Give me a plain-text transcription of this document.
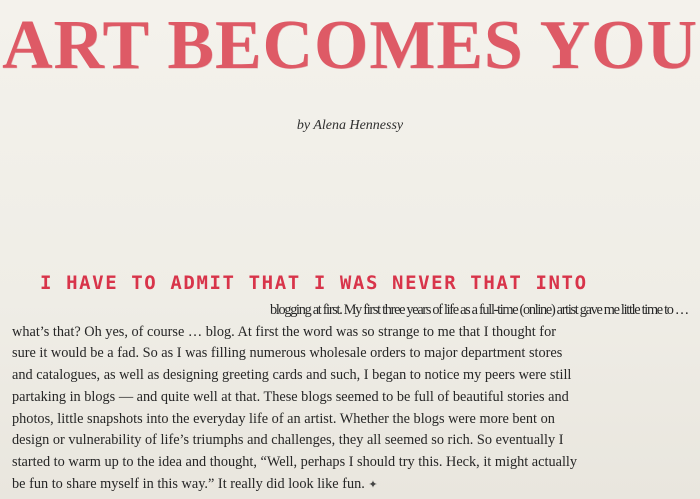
ART BECOMES YOU
by Alena Hennessy
I HAVE TO ADMIT THAT I WAS NEVER THAT INTO
blogging at first. My first three years of life as a full-time (online) artist gave me little time to …
what’s that? Oh yes, of course … blog. At first the word was so strange to me that I thought for
sure it would be a fad. So as I was filling numerous wholesale orders to major department stores
and catalogues, as well as designing greeting cards and such, I began to notice my peers were still
partaking in blogs — and quite well at that. These blogs seemed to be full of beautiful stories and
photos, little snapshots into the everyday life of an artist. Whether the blogs were more bent on
design or vulnerability of life’s triumphs and challenges, they all seemed so rich. So eventually I
started to warm up to the idea and thought, “Well, perhaps I should try this. Heck, it might actually
be fun to share myself in this way.” It really did look like fun. ✦
